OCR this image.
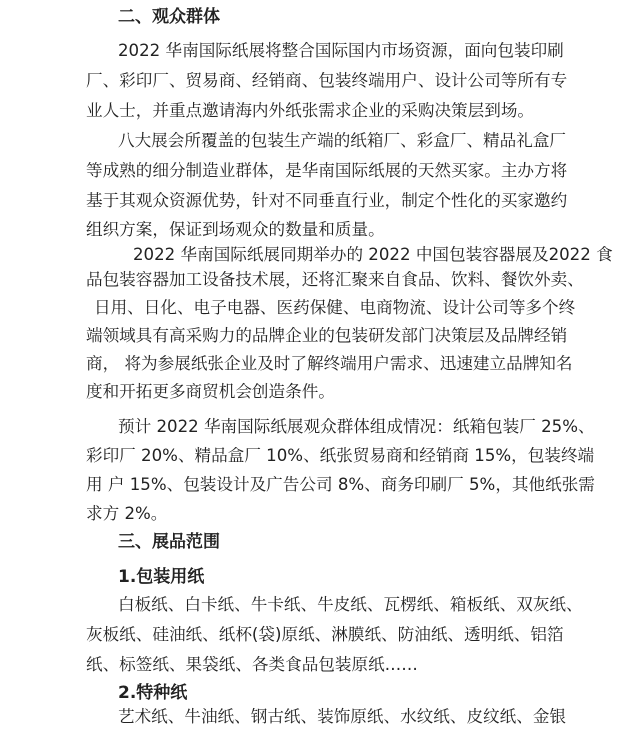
二、观众群体
2022 华南国际纸展将整合国际国内市场资源，面向包装印刷
厂、彩印厂、贸易商、经销商、包装终端用户、设计公司等所有专
业人士，并重点邀请海内外纸张需求企业的采购决策层到场。
八大展会所覆盖的包装生产端的纸箱厂、彩盒厂、精品礼盒厂
等成熟的细分制造业群体，是华南国际纸展的天然买家。主办方将
基于其观众资源优势，针对不同垂直行业，制定个性化的买家邀约
组织方案，保证到场观众的数量和质量。
2022 华南国际纸展同期举办的 2022 中国包装容器展及2022 食
品包装容器加工设备技术展，还将汇聚来自食品、饮料、餐饮外卖、
日用、日化、电子电器、医药保健、电商物流、设计公司等多个终
端领域具有高采购力的品牌企业的包装研发部门决策层及品牌经销
商， 将为参展纸张企业及时了解终端用户需求、迅速建立品牌知名
度和开拓更多商贸机会创造条件。
预计 2022 华南国际纸展观众群体组成情况：纸箱包装厂 25%、
彩印厂 20%、精品盒厂 10%、纸张贸易商和经销商 15%，包装终端
用 户 15%、包装设计及广告公司 8%、商务印刷厂 5%，其他纸张需
求方 2%。
三、展品范围
1.包装用纸
白板纸、白卡纸、牛卡纸、牛皮纸、瓦楞纸、箱板纸、双灰纸、
灰板纸、硅油纸、纸杯(袋)原纸、淋膜纸、防油纸、透明纸、铝箔
纸、标签纸、果袋纸、各类食品包装原纸……
2.特种纸
艺术纸、牛油纸、钢古纸、装饰原纸、水纹纸、皮纹纸、金银
